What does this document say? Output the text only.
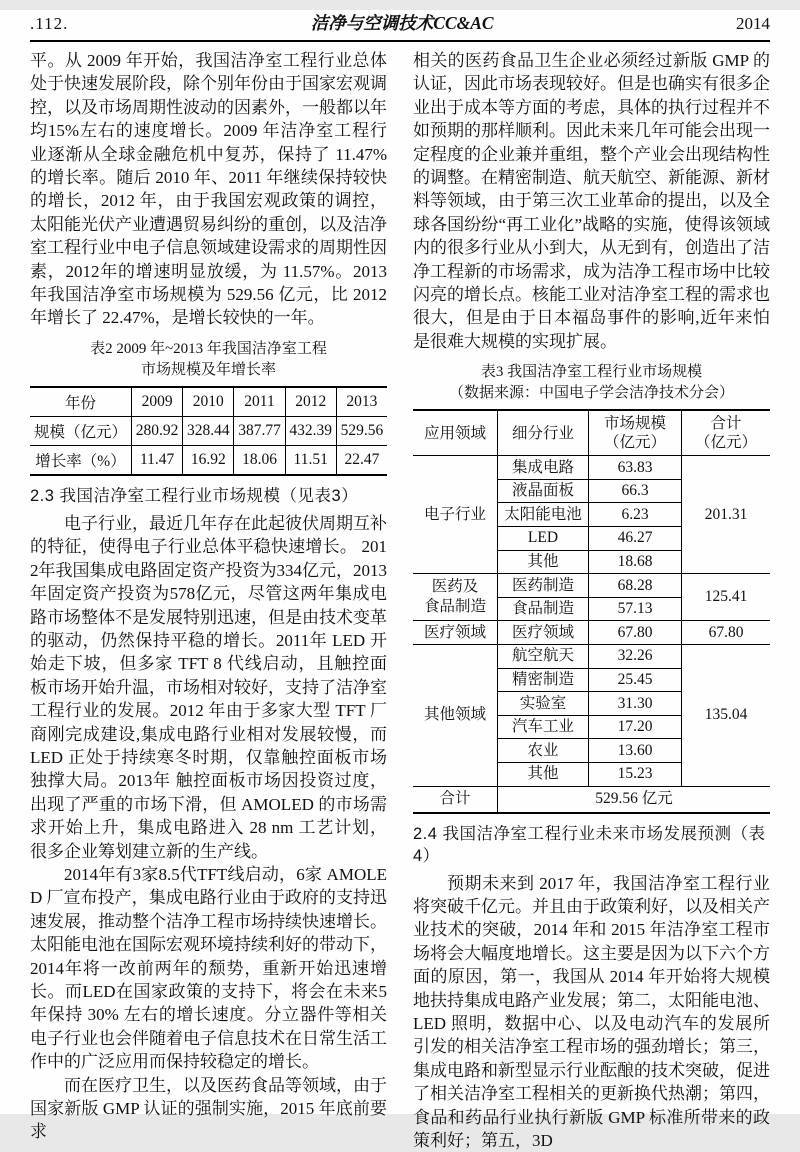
.112.	洁净与空调技术CC&AC	2014

平。从 2009 年开始，我国洁净室工程行业总体处于快速发展阶段，除个别年份由于国家宏观调控，以及市场周期性波动的因素外，一般都以年均15%左右的速度增长。2009 年洁净室工程行业逐渐从全球金融危机中复苏，保持了 11.47% 的增长率。随后 2010 年、2011 年继续保持较快的增长，2012 年，由于我国宏观政策的调控，太阳能光伏产业遭遇贸易纠纷的重创，以及洁净室工程行业中电子信息领域建设需求的周期性因素，2012年的增速明显放缓，为 11.57%。2013 年我国洁净室市场规模为 529.56 亿元，比 2012 年增长了 22.47%，是增长较快的一年。

表2 2009 年~2013 年我国洁净室工程
市场规模及年增长率
年份	2009	2010	2011	2012	2013
规模（亿元）	280.92	328.44	387.77	432.39	529.56
增长率（%）	11.47	16.92	18.06	11.51	22.47
2.3 我国洁净室工程行业市场规模（见表3）

电子行业，最近几年存在此起彼伏周期互补的特征，使得电子行业总体平稳快速增长。 2012年我国集成电路固定资产投资为334亿元，2013年固定资产投资为578亿元，尽管这两年集成电路市场整体不是发展特别迅速，但是由技术变革的驱动，仍然保持平稳的增长。2011年 LED 开始走下坡，但多家 TFT 8 代线启动，且触控面板市场开始升温，市场相对较好，支持了洁净室工程行业的发展。2012 年由于多家大型 TFT 厂商刚完成建设,集成电路行业相对发展较慢，而 LED 正处于持续寒冬时期，仅靠触控面板市场独撑大局。2013年 触控面板市场因投资过度，出现了严重的市场下滑，但 AMOLED 的市场需求开始上升，集成电路进入 28 nm 工艺计划，很多企业筹划建立新的生产线。

2014年有3家8.5代TFT线启动，6家 AMOLED 厂宣布投产，集成电路行业由于政府的支持迅速发展，推动整个洁净工程市场持续快速增长。太阳能电池在国际宏观环境持续利好的带动下，2014年将一改前两年的颓势，重新开始迅速增长。而LED在国家政策的支持下，将会在未来5年保持 30% 左右的增长速度。分立器件等相关电子行业也会伴随着电子信息技术在日常生活工作中的广泛应用而保持较稳定的增长。

而在医疗卫生，以及医药食品等领域，由于国家新版 GMP 认证的强制实施，2015 年底前要求

相关的医药食品卫生企业必须经过新版 GMP 的认证，因此市场表现较好。但是也确实有很多企业出于成本等方面的考虑，具体的执行过程并不如预期的那样顺利。因此未来几年可能会出现一定程度的企业兼并重组，整个产业会出现结构性的调整。在精密制造、航天航空、新能源、新材料等领域，由于第三次工业革命的提出，以及全球各国纷纷“再工业化”战略的实施，使得该领域内的很多行业从小到大，从无到有，创造出了洁净工程新的市场需求，成为洁净工程市场中比较闪亮的增长点。核能工业对洁净室工程的需求也很大，但是由于日本福岛事件的影响,近年来怕是很难大规模的实现扩展。

表3 我国洁净室工程行业市场规模
（数据来源：中国电子学会洁净技术分会）
应用领域	细分行业	市场规模
（亿元）	合计
（亿元）
电子行业	集成电路	63.83	201.31
	液晶面板	66.3	
	太阳能电池	6.23	
	LED	46.27	
	其他	18.68	
医药及
食品制造	医药制造	68.28	125.41
	食品制造	57.13	
医疗领域	医疗领域	67.80	67.80
其他领域	航空航天	32.26	135.04
	精密制造	25.45	
	实验室	31.30	
	汽车工业	17.20	
	农业	13.60	
	其他	15.23	
合计	529.56 亿元		
2.4 我国洁净室工程行业未来市场发展预测（表4）

预期未来到 2017 年，我国洁净室工程行业将突破千亿元。并且由于政策利好，以及相关产业技术的突破，2014 年和 2015 年洁净室工程市场将会大幅度地增长。这主要是因为以下六个方面的原因，第一，我国从 2014 年开始将大规模地扶持集成电路产业发展；第二，太阳能电池、LED 照明，数据中心、以及电动汽车的发展所引发的相关洁净室工程市场的强劲增长；第三，集成电路和新型显示行业酝酿的技术突破，促进了相关洁净室工程相关的更新换代热潮；第四，食品和药品行业执行新版 GMP 标准所带来的政策利好；第五，3D
